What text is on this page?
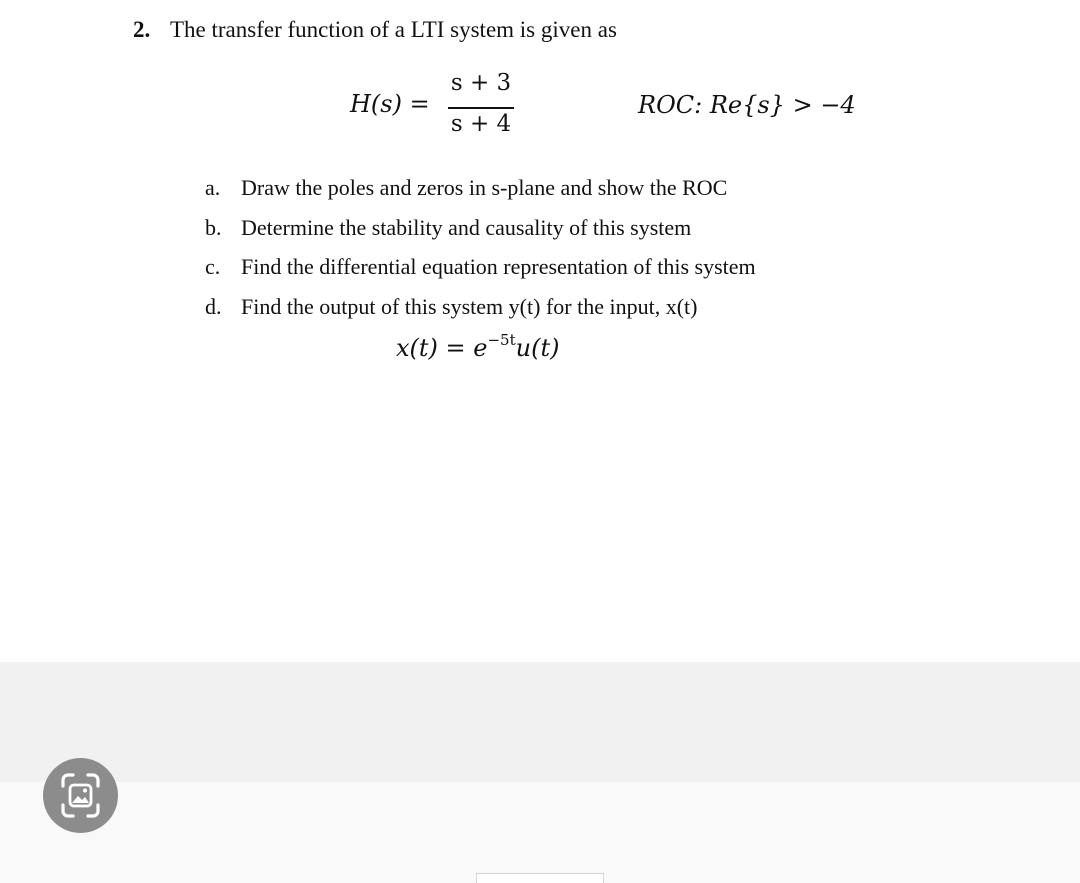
2. The transfer function of a LTI system is given as
H(s) =
s + 3
s + 4
ROC: Re{s} > −4
a. Draw the poles and zeros in s-plane and show the ROC
b. Determine the stability and causality of this system
c. Find the differential equation representation of this system
d. Find the output of this system y(t) for the input, x(t)
$x(t) = e^{-5t}u(t)$
